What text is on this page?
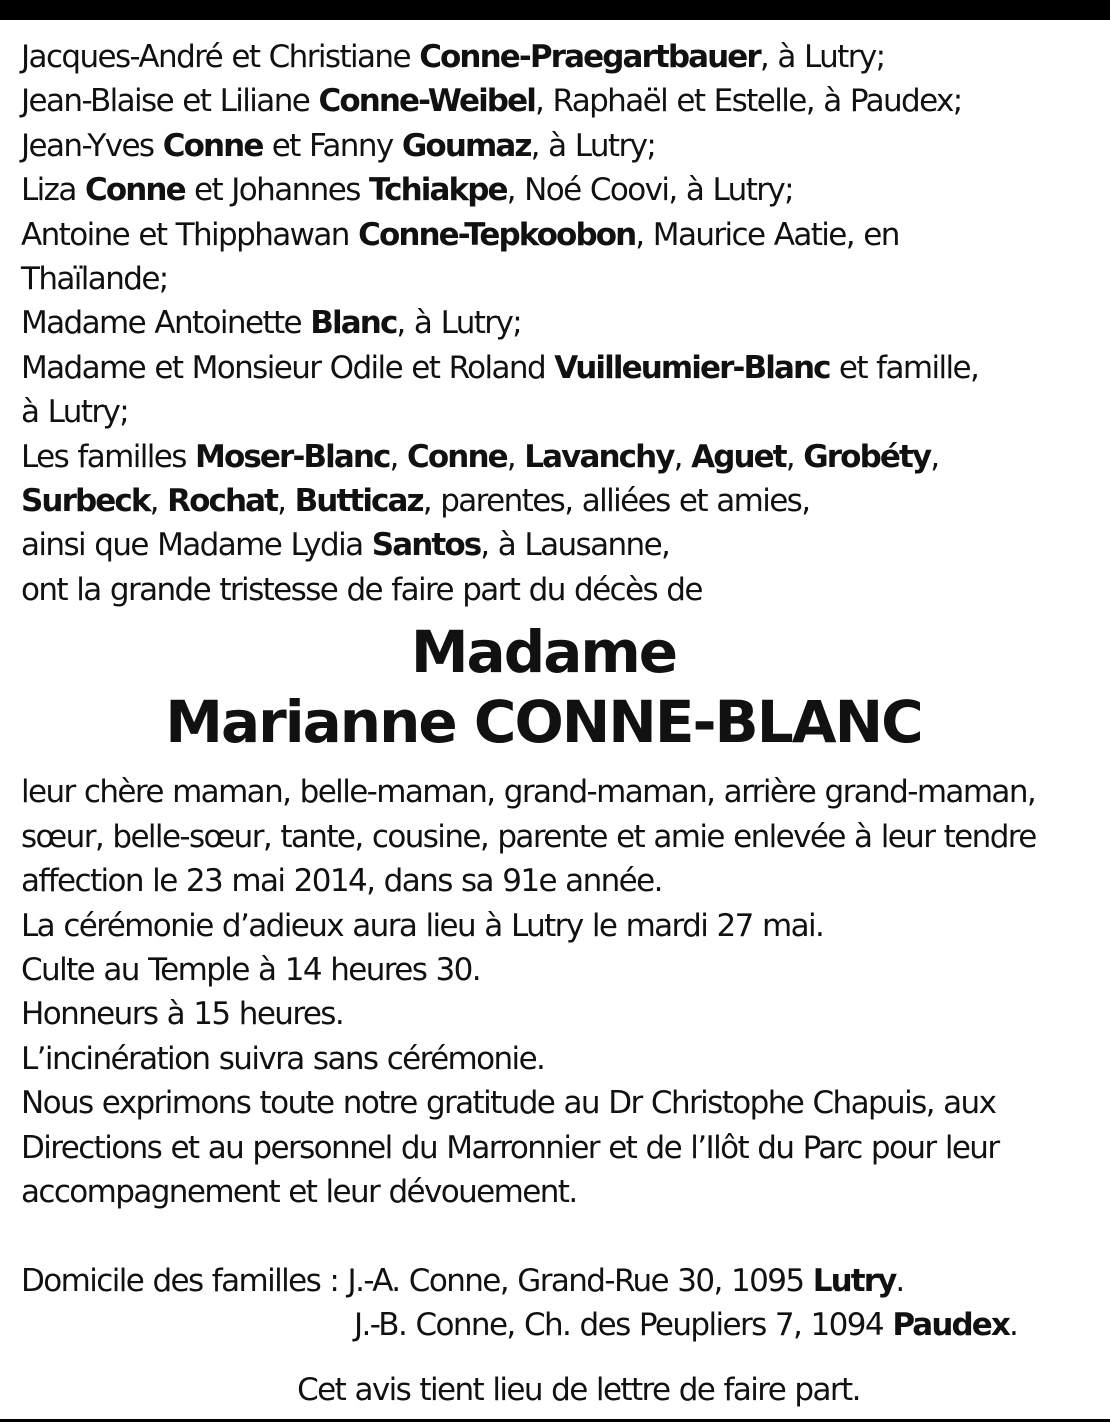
Jacques-André et Christiane Conne-Praegartbauer, à Lutry;
Jean-Blaise et Liliane Conne-Weibel, Raphaël et Estelle, à Paudex;
Jean-Yves Conne et Fanny Goumaz, à Lutry;
Liza Conne et Johannes Tchiakpe, Noé Coovi, à Lutry;
Antoine et Thipphawan Conne-Tepkoobon, Maurice Aatie, en
Thaïlande;
Madame Antoinette Blanc, à Lutry;
Madame et Monsieur Odile et Roland Vuilleumier-Blanc et famille,
à Lutry;
Les familles Moser-Blanc, Conne, Lavanchy, Aguet, Grobéty,
Surbeck, Rochat, Butticaz, parentes, alliées et amies,
ainsi que Madame Lydia Santos, à Lausanne,
ont la grande tristesse de faire part du décès de
Madame
Marianne CONNE-BLANC
leur chère maman, belle-maman, grand-maman, arrière grand-maman,
sœur, belle-sœur, tante, cousine, parente et amie enlevée à leur tendre
affection le 23 mai 2014, dans sa 91e année.
La cérémonie d’adieux aura lieu à Lutry le mardi 27 mai.
Culte au Temple à 14 heures 30.
Honneurs à 15 heures.
L’incinération suivra sans cérémonie.
Nous exprimons toute notre gratitude au Dr Christophe Chapuis, aux
Directions et au personnel du Marronnier et de l’Ilôt du Parc pour leur
accompagnement et leur dévouement.
Domicile des familles : J.-A. Conne, Grand-Rue 30, 1095 Lutry.
J.-B. Conne, Ch. des Peupliers 7, 1094 Paudex.
Cet avis tient lieu de lettre de faire part.
